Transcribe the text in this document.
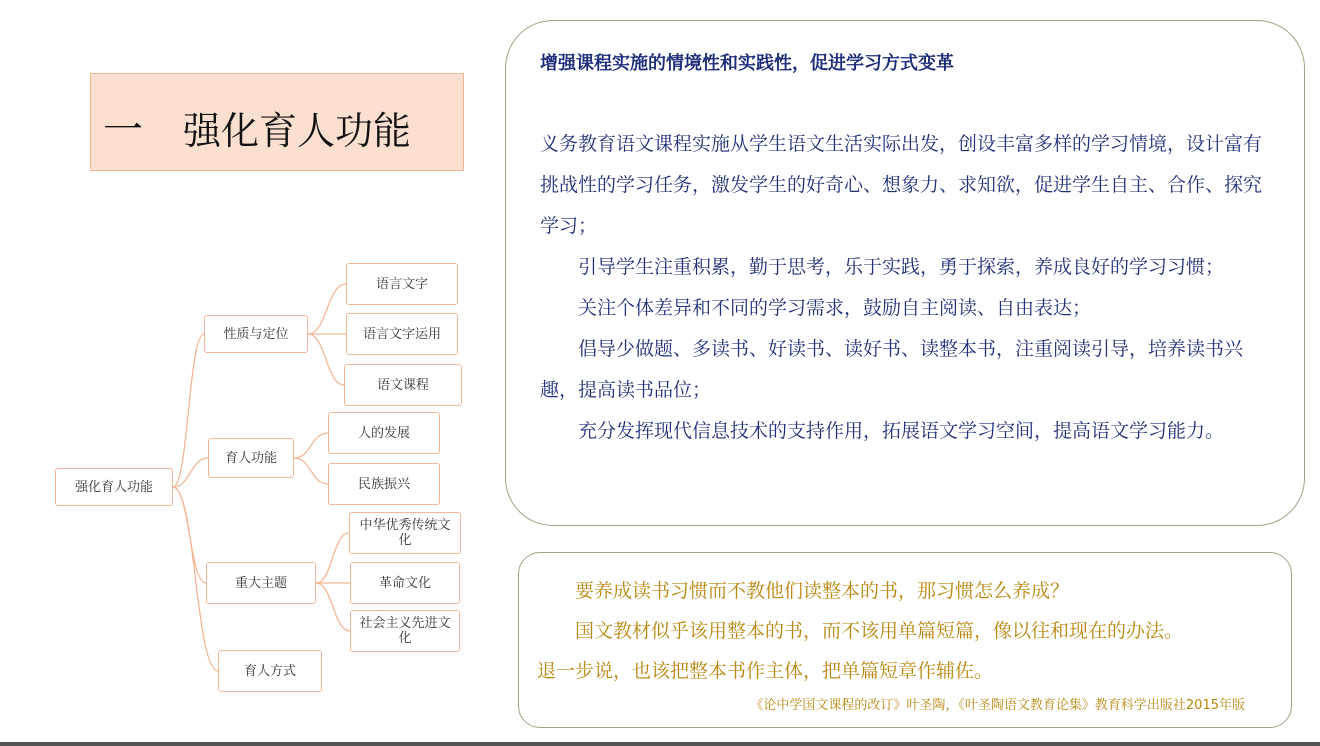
一 强化育人功能
强化育人功能
性质与定位
语言文字
语言文字运用
语文课程
育人功能
人的发展
民族振兴
重大主题
中华优秀传统文化
革命文化
社会主义先进文化
育人方式
增强课程实施的情境性和实践性，促进学习方式变革

义务教育语文课程实施从学生语文生活实际出发，创设丰富多样的学习情境，设计富有挑战性的学习任务，激发学生的好奇心、想象力、求知欲，促进学生自主、合作、探究学习；

引导学生注重积累，勤于思考，乐于实践，勇于探索，养成良好的学习习惯；

关注个体差异和不同的学习需求，鼓励自主阅读、自由表达；

倡导少做题、多读书、好读书、读好书、读整本书，注重阅读引导，培养读书兴趣，提高读书品位；

充分发挥现代信息技术的支持作用，拓展语文学习空间，提高语文学习能力。

要养成读书习惯而不教他们读整本的书，那习惯怎么养成？
国文教材似乎该用整本的书，而不该用单篇短篇，像以往和现在的办法。
退一步说，也该把整本书作主体，把单篇短章作辅佐。
《论中学国文课程的改订》叶圣陶，《叶圣陶语文教育论集》教育科学出版社2015年版
